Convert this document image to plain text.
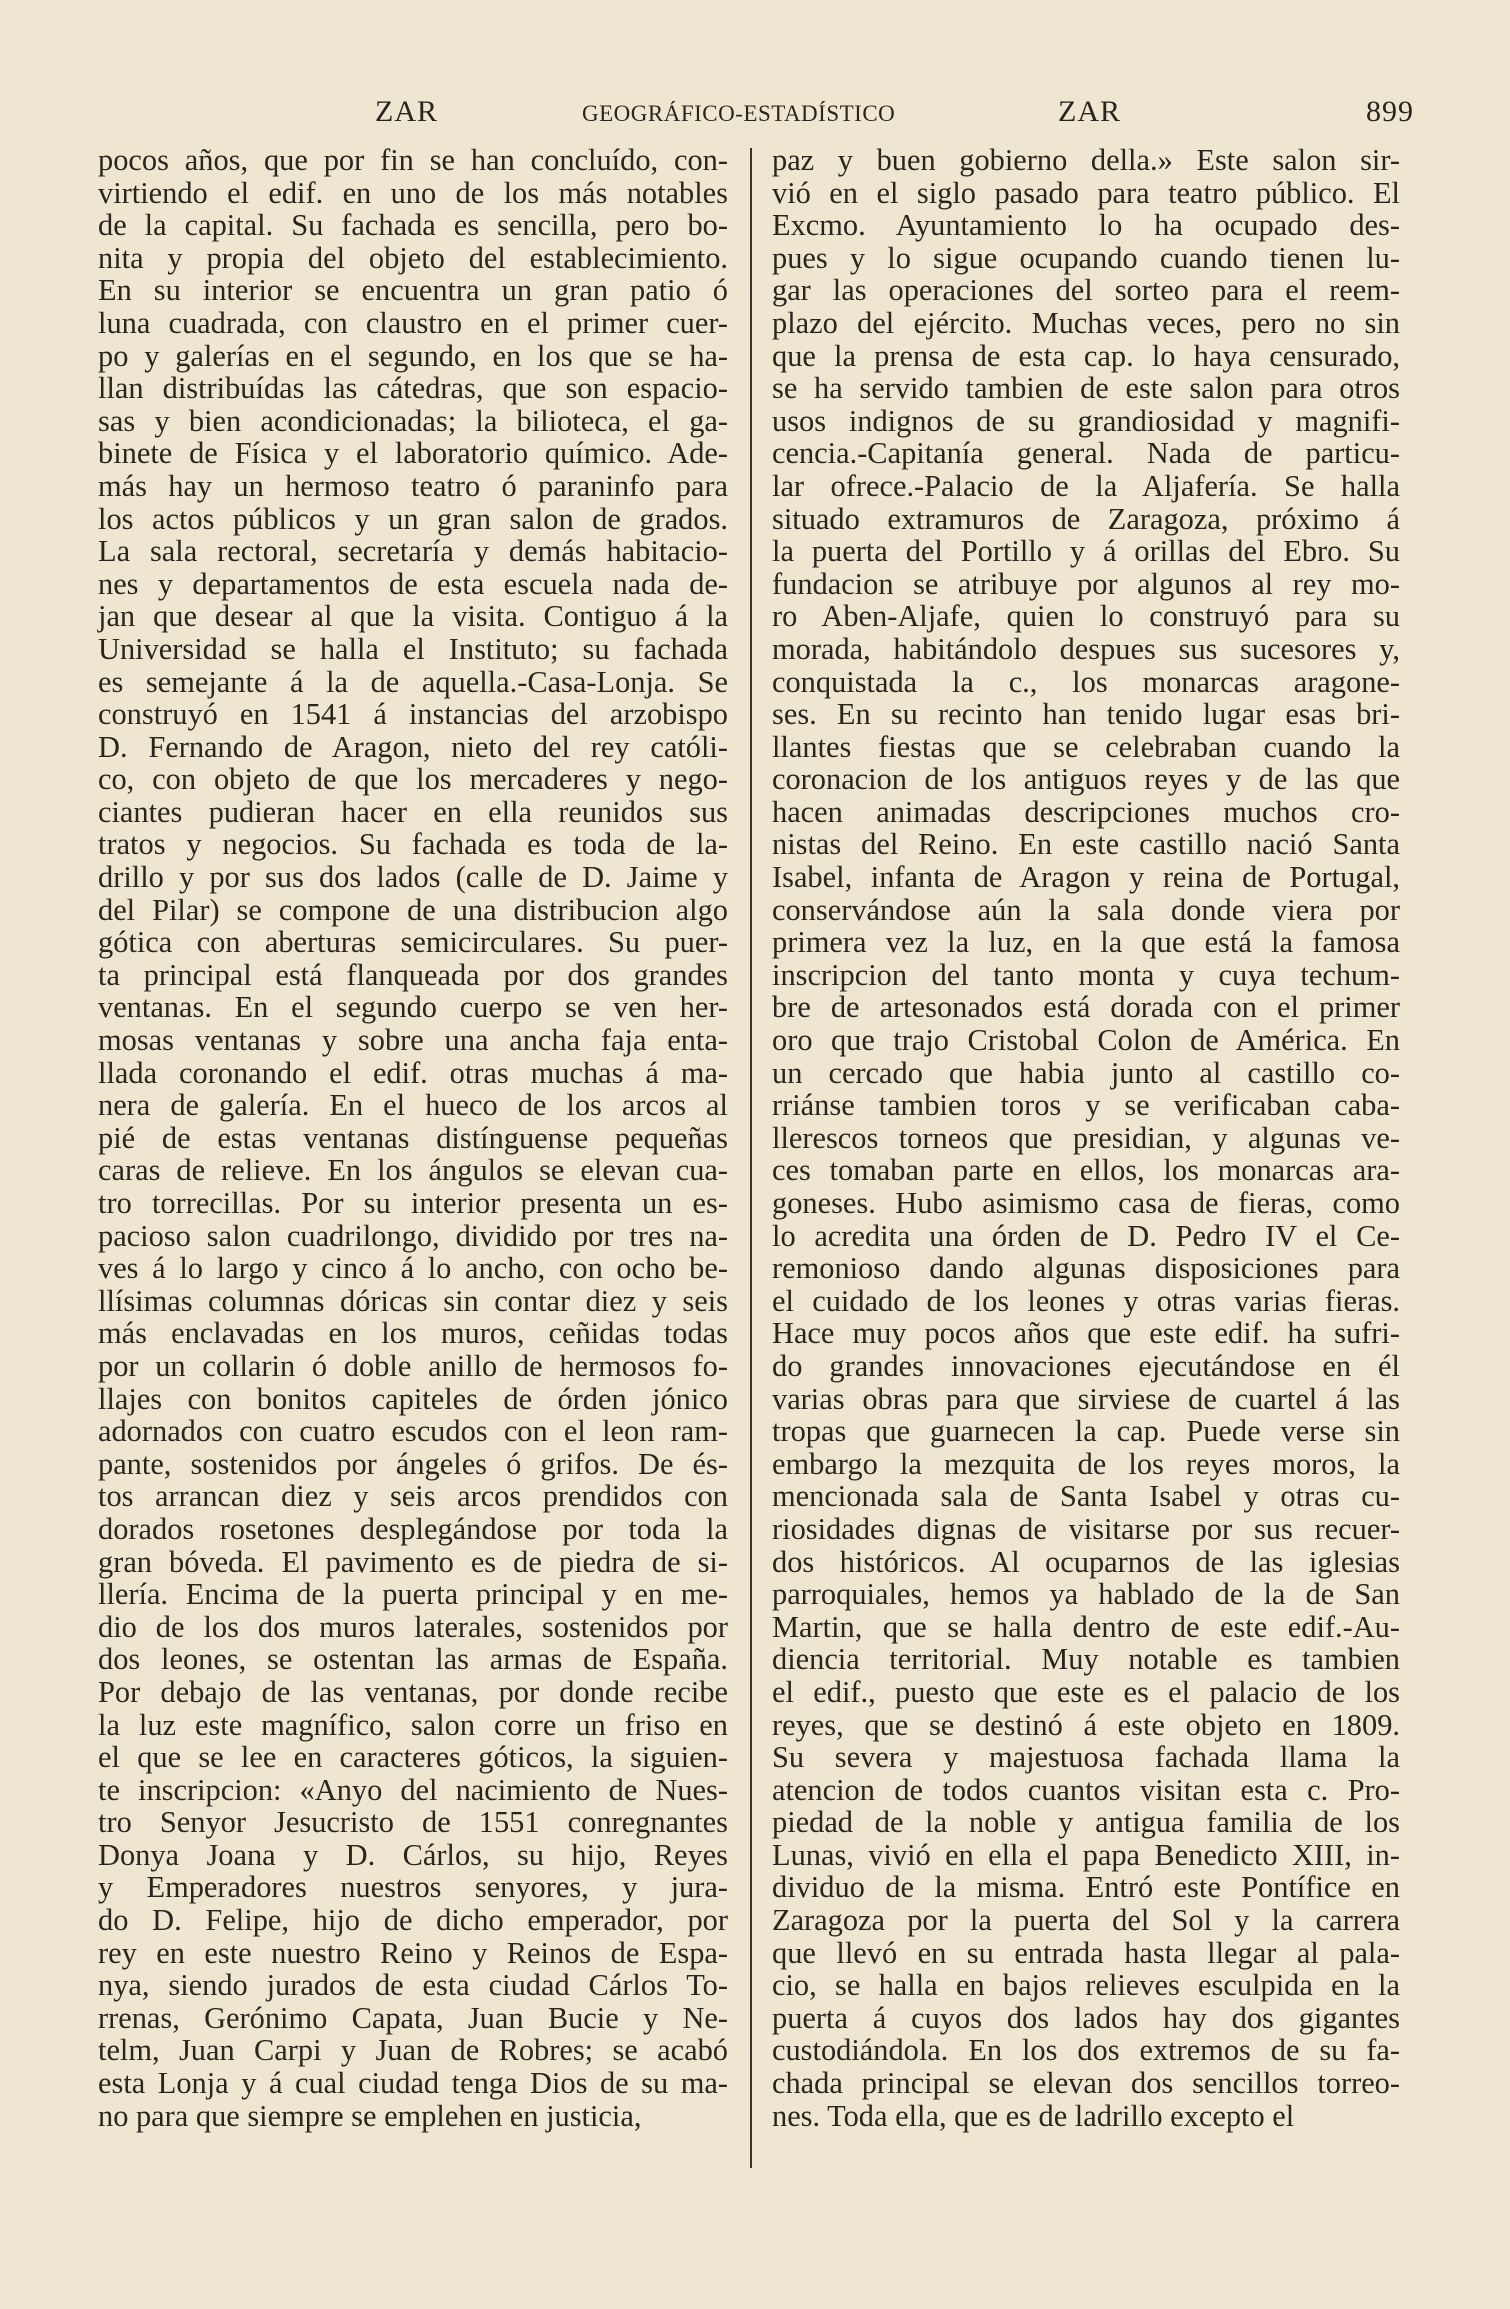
ZAR	GEOGRÁFICO-ESTADÍSTICO	ZAR	899
pocos años, que por fin se han concluído, con-
virtiendo el edif. en uno de los más notables
de la capital. Su fachada es sencilla, pero bo-
nita y propia del objeto del establecimiento.
En su interior se encuentra un gran patio ó
luna cuadrada, con claustro en el primer cuer-
po y galerías en el segundo, en los que se ha-
llan distribuídas las cátedras, que son espacio-
sas y bien acondicionadas; la bilioteca, el ga-
binete de Física y el laboratorio químico. Ade-
más hay un hermoso teatro ó paraninfo para
los actos públicos y un gran salon de grados.
La sala rectoral, secretaría y demás habitacio-
nes y departamentos de esta escuela nada de-
jan que desear al que la visita. Contiguo á la
Universidad se halla el Instituto; su fachada
es semejante á la de aquella.-Casa-Lonja. Se
construyó en 1541 á instancias del arzobispo
D. Fernando de Aragon, nieto del rey católi-
co, con objeto de que los mercaderes y nego-
ciantes pudieran hacer en ella reunidos sus
tratos y negocios. Su fachada es toda de la-
drillo y por sus dos lados (calle de D. Jaime y
del Pilar) se compone de una distribucion algo
gótica con aberturas semicirculares. Su puer-
ta principal está flanqueada por dos grandes
ventanas. En el segundo cuerpo se ven her-
mosas ventanas y sobre una ancha faja enta-
llada coronando el edif. otras muchas á ma-
nera de galería. En el hueco de los arcos al
pié de estas ventanas distínguense pequeñas
caras de relieve. En los ángulos se elevan cua-
tro torrecillas. Por su interior presenta un es-
pacioso salon cuadrilongo, dividido por tres na-
ves á lo largo y cinco á lo ancho, con ocho be-
llísimas columnas dóricas sin contar diez y seis
más enclavadas en los muros, ceñidas todas
por un collarin ó doble anillo de hermosos fo-
llajes con bonitos capiteles de órden jónico
adornados con cuatro escudos con el leon ram-
pante, sostenidos por ángeles ó grifos. De és-
tos arrancan diez y seis arcos prendidos con
dorados rosetones desplegándose por toda la
gran bóveda. El pavimento es de piedra de si-
llería. Encima de la puerta principal y en me-
dio de los dos muros laterales, sostenidos por
dos leones, se ostentan las armas de España.
Por debajo de las ventanas, por donde recibe
la luz este magnífico, salon corre un friso en
el que se lee en caracteres góticos, la siguien-
te inscripcion: «Anyo del nacimiento de Nues-
tro Senyor Jesucristo de 1551 conregnantes
Donya Joana y D. Cárlos, su hijo, Reyes
y Emperadores nuestros senyores, y jura-
do D. Felipe, hijo de dicho emperador, por
rey en este nuestro Reino y Reinos de Espa-
nya, siendo jurados de esta ciudad Cárlos To-
rrenas, Gerónimo Capata, Juan Bucie y Ne-
telm, Juan Carpi y Juan de Robres; se acabó
esta Lonja y á cual ciudad tenga Dios de su ma-
no para que siempre se emplehen en justicia,
paz y buen gobierno della.» Este salon sir-
vió en el siglo pasado para teatro público. El
Excmo. Ayuntamiento lo ha ocupado des-
pues y lo sigue ocupando cuando tienen lu-
gar las operaciones del sorteo para el reem-
plazo del ejército. Muchas veces, pero no sin
que la prensa de esta cap. lo haya censurado,
se ha servido tambien de este salon para otros
usos indignos de su grandiosidad y magnifi-
cencia.-Capitanía general. Nada de particu-
lar ofrece.-Palacio de la Aljafería. Se halla
situado extramuros de Zaragoza, próximo á
la puerta del Portillo y á orillas del Ebro. Su
fundacion se atribuye por algunos al rey mo-
ro Aben-Aljafe, quien lo construyó para su
morada, habitándolo despues sus sucesores y,
conquistada la c., los monarcas aragone-
ses. En su recinto han tenido lugar esas bri-
llantes fiestas que se celebraban cuando la
coronacion de los antiguos reyes y de las que
hacen animadas descripciones muchos cro-
nistas del Reino. En este castillo nació Santa
Isabel, infanta de Aragon y reina de Portugal,
conservándose aún la sala donde viera por
primera vez la luz, en la que está la famosa
inscripcion del tanto monta y cuya techum-
bre de artesonados está dorada con el primer
oro que trajo Cristobal Colon de América. En
un cercado que habia junto al castillo co-
rriánse tambien toros y se verificaban caba-
llerescos torneos que presidian, y algunas ve-
ces tomaban parte en ellos, los monarcas ara-
goneses. Hubo asimismo casa de fieras, como
lo acredita una órden de D. Pedro IV el Ce-
remonioso dando algunas disposiciones para
el cuidado de los leones y otras varias fieras.
Hace muy pocos años que este edif. ha sufri-
do grandes innovaciones ejecutándose en él
varias obras para que sirviese de cuartel á las
tropas que guarnecen la cap. Puede verse sin
embargo la mezquita de los reyes moros, la
mencionada sala de Santa Isabel y otras cu-
riosidades dignas de visitarse por sus recuer-
dos históricos. Al ocuparnos de las iglesias
parroquiales, hemos ya hablado de la de San
Martin, que se halla dentro de este edif.-Au-
diencia territorial. Muy notable es tambien
el edif., puesto que este es el palacio de los
reyes, que se destinó á este objeto en 1809.
Su severa y majestuosa fachada llama la
atencion de todos cuantos visitan esta c. Pro-
piedad de la noble y antigua familia de los
Lunas, vivió en ella el papa Benedicto XIII, in-
dividuo de la misma. Entró este Pontífice en
Zaragoza por la puerta del Sol y la carrera
que llevó en su entrada hasta llegar al pala-
cio, se halla en bajos relieves esculpida en la
puerta á cuyos dos lados hay dos gigantes
custodiándola. En los dos extremos de su fa-
chada principal se elevan dos sencillos torreo-
nes. Toda ella, que es de ladrillo excepto el
